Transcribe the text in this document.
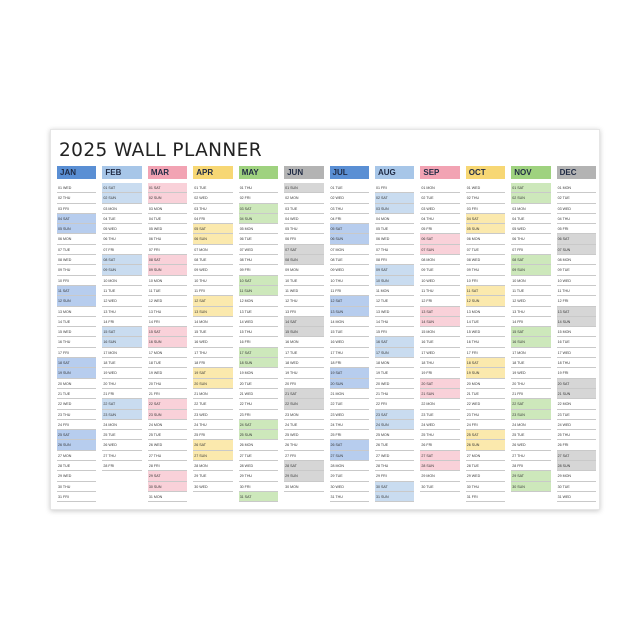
2025 WALL PLANNER
JAN
01 WED
02 THU
03 FRI
04 SAT
05 SUN
06 MON
07 TUE
08 WED
09 THU
10 FRI
11 SAT
12 SUN
13 MON
14 TUE
15 WED
16 THU
17 FRI
18 SAT
19 SUN
20 MON
21 TUE
22 WED
23 THU
24 FRI
25 SAT
26 SUN
27 MON
28 TUE
29 WED
30 THU
31 FRI
FEB
01 SAT
02 SUN
03 MON
04 TUE
05 WED
06 THU
07 FRI
08 SAT
09 SUN
10 MON
11 TUE
12 WED
13 THU
14 FRI
15 SAT
16 SUN
17 MON
18 TUE
19 WED
20 THU
21 FRI
22 SAT
23 SUN
24 MON
25 TUE
26 WED
27 THU
28 FRI
MAR
01 SAT
02 SUN
03 MON
04 TUE
05 WED
06 THU
07 FRI
08 SAT
09 SUN
10 MON
11 TUE
12 WED
13 THU
14 FRI
15 SAT
16 SUN
17 MON
18 TUE
19 WED
20 THU
21 FRI
22 SAT
23 SUN
24 MON
25 TUE
26 WED
27 THU
28 FRI
29 SAT
30 SUN
31 MON
APR
01 TUE
02 WED
03 THU
04 FRI
05 SAT
06 SUN
07 MON
08 TUE
09 WED
10 THU
11 FRI
12 SAT
13 SUN
14 MON
15 TUE
16 WED
17 THU
18 FRI
19 SAT
20 SUN
21 MON
22 TUE
23 WED
24 THU
25 FRI
26 SAT
27 SUN
28 MON
29 TUE
30 WED
MAY
01 THU
02 FRI
03 SAT
04 SUN
05 MON
06 TUE
07 WED
08 THU
09 FRI
10 SAT
11 SUN
12 MON
13 TUE
14 WED
15 THU
16 FRI
17 SAT
18 SUN
19 MON
20 TUE
21 WED
22 THU
23 FRI
24 SAT
25 SUN
26 MON
27 TUE
28 WED
29 THU
30 FRI
31 SAT
JUN
01 SUN
02 MON
03 TUE
04 WED
05 THU
06 FRI
07 SAT
08 SUN
09 MON
10 TUE
11 WED
12 THU
13 FRI
14 SAT
15 SUN
16 MON
17 TUE
18 WED
19 THU
20 FRI
21 SAT
22 SUN
23 MON
24 TUE
25 WED
26 THU
27 FRI
28 SAT
29 SUN
30 MON
JUL
01 TUE
02 WED
03 THU
04 FRI
05 SAT
06 SUN
07 MON
08 TUE
09 WED
10 THU
11 FRI
12 SAT
13 SUN
14 MON
15 TUE
16 WED
17 THU
18 FRI
19 SAT
20 SUN
21 MON
22 TUE
23 WED
24 THU
25 FRI
26 SAT
27 SUN
28 MON
29 TUE
30 WED
31 THU
AUG
01 FRI
02 SAT
03 SUN
04 MON
05 TUE
06 WED
07 THU
08 FRI
09 SAT
10 SUN
11 MON
12 TUE
13 WED
14 THU
15 FRI
16 SAT
17 SUN
18 MON
19 TUE
20 WED
21 THU
22 FRI
23 SAT
24 SUN
25 MON
26 TUE
27 WED
28 THU
29 FRI
30 SAT
31 SUN
SEP
01 MON
02 TUE
03 WED
04 THU
05 FRI
06 SAT
07 SUN
08 MON
09 TUE
10 WED
11 THU
12 FRI
13 SAT
14 SUN
15 MON
16 TUE
17 WED
18 THU
19 FRI
20 SAT
21 SUN
22 MON
23 TUE
24 WED
25 THU
26 FRI
27 SAT
28 SUN
29 MON
30 TUE
OCT
01 WED
02 THU
03 FRI
04 SAT
05 SUN
06 MON
07 TUE
08 WED
09 THU
10 FRI
11 SAT
12 SUN
13 MON
14 TUE
15 WED
16 THU
17 FRI
18 SAT
19 SUN
20 MON
21 TUE
22 WED
23 THU
24 FRI
25 SAT
26 SUN
27 MON
28 TUE
29 WED
30 THU
31 FRI
NOV
01 SAT
02 SUN
03 MON
04 TUE
05 WED
06 THU
07 FRI
08 SAT
09 SUN
10 MON
11 TUE
12 WED
13 THU
14 FRI
15 SAT
16 SUN
17 MON
18 TUE
19 WED
20 THU
21 FRI
22 SAT
23 SUN
24 MON
25 TUE
26 WED
27 THU
28 FRI
29 SAT
30 SUN
DEC
01 MON
02 TUE
03 WED
04 THU
05 FRI
06 SAT
07 SUN
08 MON
09 TUE
10 WED
11 THU
12 FRI
13 SAT
14 SUN
15 MON
16 TUE
17 WED
18 THU
19 FRI
20 SAT
21 SUN
22 MON
23 TUE
24 WED
25 THU
26 FRI
27 SAT
28 SUN
29 MON
30 TUE
31 WED
